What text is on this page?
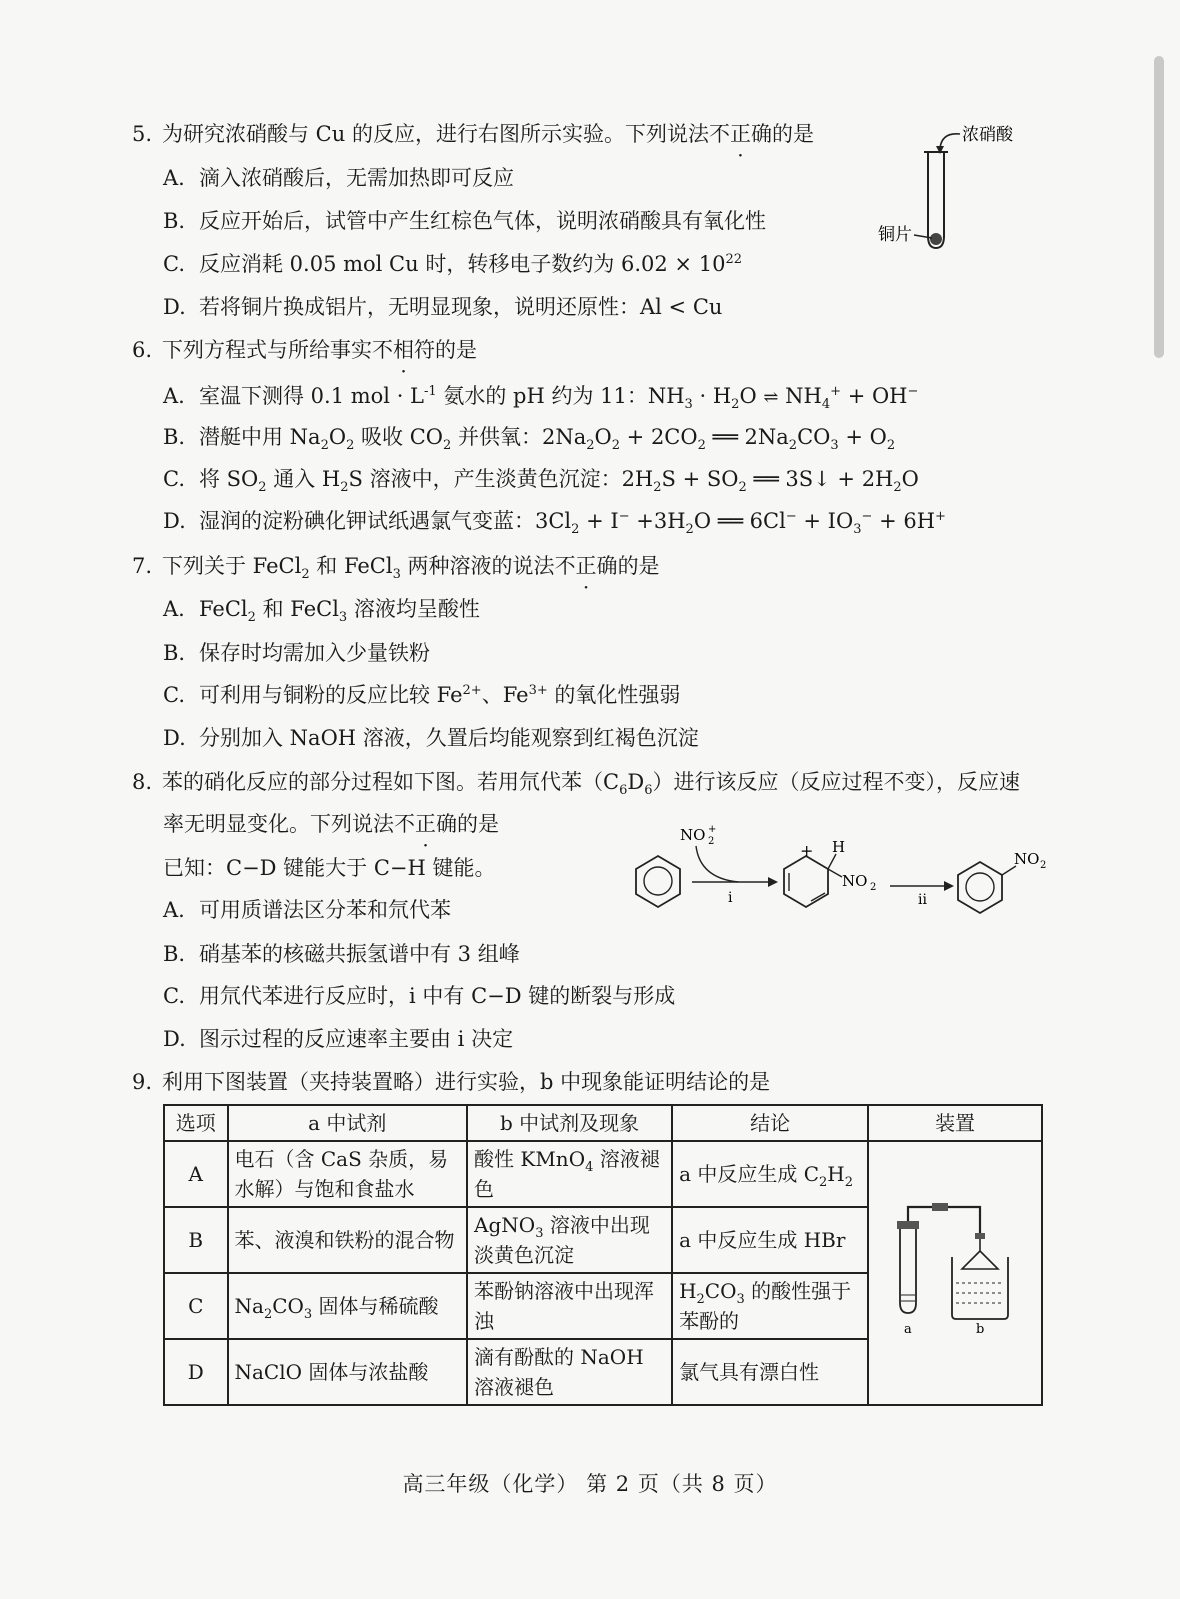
5. 为研究浓硝酸与 Cu 的反应，进行右图所示实验。下列说法不正确的是
A. 滴入浓硝酸后，无需加热即可反应
B. 反应开始后，试管中产生红棕色气体，说明浓硝酸具有氧化性
C. 反应消耗 0.05 mol Cu 时，转移电子数约为 $6.02 \times 10^{22}$
D. 若将铜片换成铝片，无明显现象，说明还原性：Al < Cu
浓硝酸
铜片
6. 下列方程式与所给事实不相符的是
A. 室温下测得 0.1 mol · $L^{-1}$ 氨水的 pH 约为 11：$NH_3 \cdot H_2O$ ⇌ $NH_4^+ + OH^-$
B. 潜艇中用 $Na_2O_2$ 吸收 $CO_2$ 并供氧：$2Na_2O_2 + 2CO_2$ ══ $2Na_2CO_3 + O_2$
C. 将 $SO_2$ 通入 $H_2S$ 溶液中，产生淡黄色沉淀：$2H_2S + SO_2$ ══ 3S↓ + $2H_2O$
D. 湿润的淀粉碘化钾试纸遇氯气变蓝：$3Cl_2 + I^- +3H_2O$ ══ $6Cl^- + IO_3^- + 6H^+$
7. 下列关于 FeCl$_2$ 和 FeCl$_3$ 两种溶液的说法不正确的是
A. FeCl$_2$ 和 FeCl$_3$ 溶液均呈酸性
B. 保存时均需加入少量铁粉
C. 可利用与铜粉的反应比较 $Fe^{2+}$、$Fe^{3+}$ 的氧化性强弱
D. 分别加入 NaOH 溶液，久置后均能观察到红褐色沉淀
8. 苯的硝化反应的部分过程如下图。若用氘代苯$(C_6D_6)$进行该反应（反应过程不变），反应速
率无明显变化。下列说法不正确的是
已知：C−D 键能大于 C−H 键能。
A. 可用质谱法区分苯和氘代苯
B. 硝基苯的核磁共振氢谱中有 3 组峰
C. 用氘代苯进行反应时，i 中有 C−D 键的断裂与形成
D. 图示过程的反应速率主要由 i 决定
NO 2
+
i
+ H
NO 2
ii
NO 2
9. 利用下图装置（夹持装置略）进行实验，b 中现象能证明结论的是
选项	a 中试剂	b 中试剂及现象	结论	装置
A	电石（含 CaS 杂质，易水解）与饱和食盐水	酸性 KMnO$_4$ 溶液褪色	a 中反应生成 $C_2H_2$	a b

B	苯、液溴和铁粉的混合物	AgNO$_3$ 溶液中出现淡黄色沉淀	a 中反应生成 HBr	
C	$Na_2CO_3$ 固体与稀硫酸	苯酚钠溶液中出现浑浊	$H_2CO_3$ 的酸性强于苯酚的	
D	NaClO 固体与浓盐酸	滴有酚酞的 NaOH 溶液褪色	氯气具有漂白性	
高三年级（化学） 第 2 页（共 8 页）
